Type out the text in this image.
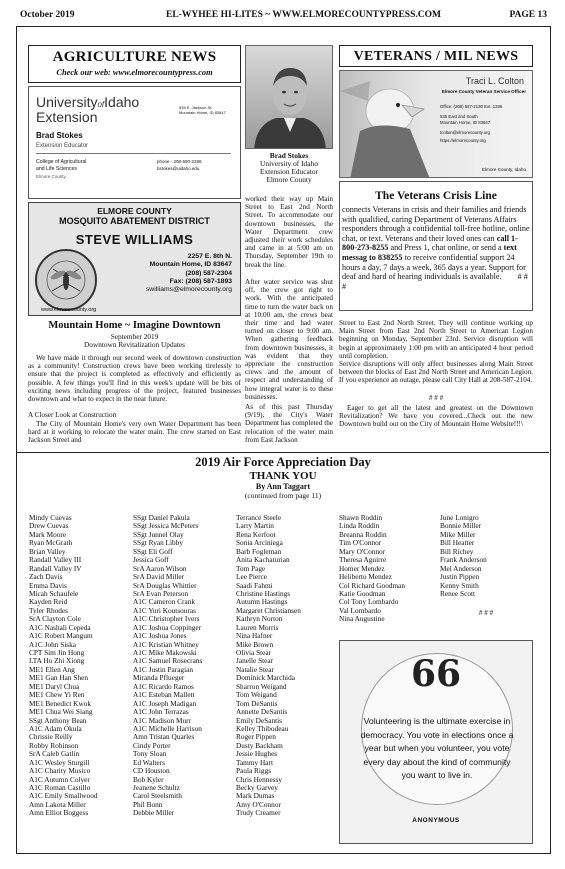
October 2019	EL-WYHEE HI-LITES ~ WWW.ELMORECOUNTYPRESS.COM	PAGE 13
AGRICULTURE NEWS
Check our web: www.elmorecountypress.com
UniversityofIdaho
Extension
535 E. Jackson St.
Mountain Home, ID 83647
Brad Stokes
Extension Educator
College of Agricultural
and Life Sciences
Elmore County
phone · 208-590-2286
bstokes@uidaho.edu
Brad Stokes
University of Idaho
Extension Educator
Elmore County
ELMORE COUNTY
MOSQUITO ABATEMENT DISTRICT
STEVE WILLIAMS
2257 E. 8th N.
Mountain Home, ID 83647
(208) 587-2304
Fax: (208) 587-1893
swilliams@elmorecounty.org
www.elmorecounty.org
Mountain Home ~ Imagine Downtown
September 2019
Downtown Revitalization Updates
We have made it through our second week of downtown construction as a community! Construction crews have been working tirelessly to ensure that the project is completed as effectively and efficiently as possible. A few things you'll find in this week's update will be bits of exciting news including progress of the project, featured businesses downtown and what to expect in the near future.
A Closer Look at Construction
The City of Mountain Home's very own Water Department has been hard at it working to relocate the water main. The crew started on East Jackson Street and
worked their way up Main Street to East 2nd North Street. To accommodate our downtown businesses, the Water Department crew adjusted their work schedules and came in at 5:00 am on Thursday, September 19th to break the line.
After water service was shut off, the crew got right to work. With the anticipated time to turn the water back on at 10:00 am, the crews beat their time and had water turned on closer to 9:00 am. When gathering feedback from downtown businesses, it was evident that they appreciate the construction crews and the amount of respect and understanding of how integral water is to these businesses.
As of this past Thursday (9/19), the City's Water Department has completed the relocation of the water main from East Jackson
VETERANS / MIL NEWS
Traci L. Colton
Elmore County Veteran Service Officer
Office: (208) 587-2130 Ext. 1296
535 East and South
Mountain Home, ID 83647
tcolton@elmorecounty.org
https://elmorecounty.org
Elmore County, Idaho
The Veterans Crisis Line
connects Veterans in crisis and their families and friends with qualified, caring Department of Veterans Affairs responders through a confidential toll-free hotline, online chat, or text. Veterans and their loved ones can call 1-800-273-8255 and Press 1, chat online, or send a text messag to 838255 to receive confidential support 24 hours a day, 7 days a week, 365 days a year. Support for deaf and hard of hearing individuals is available. # # #
Street to East 2nd North Street. They will continue working up Main Street from East 2nd North Street to American Legion beginning on Monday, September 23rd. Service disruption will begin at approximately 1:00 pm with an anticipated 4 hour period until completion.
Service disruptions will only affect businesses along Main Street between the blocks of East 2nd North Street and American Legion. If you experience an outage, please call City Hall at 208-587-2104.
# # #
Eager to get all the latest and greatest on the Downtown Revitalization? We have you covered...Check out the new Downtown build out on the City of Mountain Home Website!!!\
2019 Air Force Appreciation Day
THANK YOU
By Ann Taggart
(continued from page 11)
Mindy Cuevas
Drew Cuevas
Mark Moore
Ryan McGrath
Brian Valley
Randall Valley III
Randall Valley IV
Zach Davis
Emma Davis
Micah Schaufele
Kayden Reid
Tyler Rhodes
SrA Clayton Cole
A1C Nashali Cepeda
A1C Robert Mangum
A1C John Siska
CPT Sim Jin Hong
LTA Ho Zhi Xiong
ME1 Ellen Ang
ME1 Gan Han Shen
ME1 Daryl Chua
ME1 Chew Yi Ren
ME1 Benedict Kwok
ME1 Chua Wei Siang
SSgt Anthony Bean
A1C Adam Okula
Chrissie Reilly
Robby Robinson
SrA Caleb Gatlin
A1C Wesley Sturgill
A1C Charity Musico
A1C Autumn Colyer
A1C Roman Castillo
A1C Emily Smallwood
Amn Lakota Miller
Amn Elliot Boggess
SSgt Daniel Pakula
SSgt Jessica McPeters
SSgt Junnel Olay
SSgt Ryan Libby
SSgt Eli Goff
Jessica Goff
SrA Aaron Wilson
SrA David Miller
SrA Douglas Whittier
SrA Evan Peterson
A1C Cameron Crank
A1C Yuri Koutsouras
A1C Christopher Ivers
A1C Joshua Coppinger
A1C Joshua Jones
A1C Kristian Whitney
A1C Mike Makowski
A1C Samuel Rosecrans
A1C Justin Paragian
Miranda Pflueger
A1C Ricardo Ramos
A1C Esteban Mallett
A1C Joseph Madigan
A1C John Terrazas
A1C Madison Murr
A1C Michelle Harrison
Amn Tristan Quarles
Cindy Porter
Tony Sloan
Ed Walters
CD Houston
Bob Kyler
Jeanene Schultz
Carol Steelsmith
Phil Bonn
Debbie Miller
Terrance Steele
Larry Martin
Rena Kerfoot
Sonia Arciniega
Barb Fogleman
Anita Kachaturian
Tom Page
Lee Pierce
Saadi Fahmi
Christine Hastings
Autumn Hastings
Margaret Christiansen
Kathryn Norton
Lauren Morris
Nina Hafner
Mike Brown
Olivia Stear
Janelle Stear
Natalie Stear
Dominick Marchida
Sharron Weigand
Tom Weigand
Tom DeSantis
Annette DeSantis
Emily DeSantis
Kelley Thibodeau
Roger Pippen
Dusty Backham
Jessie Hughes
Tammy Hart
Paula Riggs
Chris Hennessy
Becky Garvey
Mark Dumas
Amy O'Connor
Trudy Creamer
Shawn Roddin
Linda Roddin
Breanna Roddin
Tim O'Connor
Mary O'Connor
Theresa Aguirre
Homer Mendez
Heliberto Mendez
Col Richard Goodman
Katie Goodman
Col Tony Lombardo
Val Lombardo
Nina Augustine
June Lonigro
Bonnie Miller
Mike Miller
Bill Heatter
Bill Richey
Frank Anderson
Mel Anderson
Justin Pippen
Kenny Smith
Renee Scott
# # #
66
Volunteering is the ultimate exercise in democracy. You vote in elections once a year but when you volunteer, you vote every day about the kind of community you want to live in.
ANONYMOUS
